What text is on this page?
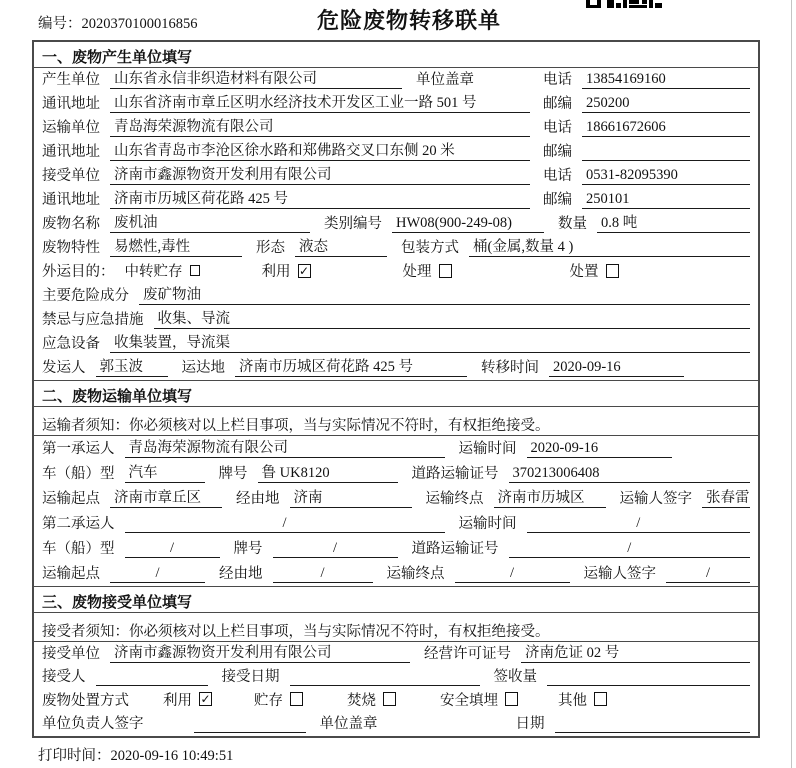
编号：2020370100016856	危险废物转移联单
一、废物产生单位填写
产生单位 山东省永信非织造材料有限公司	单位盖章	电话 13854169160
通讯地址 山东省济南市章丘区明水经济技术开发区工业一路 501 号	邮编 250200
运输单位 青岛海荣源物流有限公司	电话 18661672606
通讯地址 山东省青岛市李沧区徐水路和郑佛路交叉口东侧 20 米	邮编
接受单位 济南市鑫源物资开发利用有限公司	电话 0531-82095390
通讯地址 济南市历城区荷花路 425 号	邮编 250101
废物名称 废机油	类别编号 HW08(900-249-08)	数量 0.8 吨
废物特性 易燃性,毒性	形态 液态	包装方式 桶(金属,数量 4 )
外运目的： 中转贮存	利用 ✓	处理	处置
主要危险成分 废矿物油
禁忌与应急措施 收集、导流
应急设备 收集装置，导流渠
发运人 郭玉波	运达地 济南市历城区荷花路 425 号	转移时间 2020-09-16
二、废物运输单位填写
运输者须知：你必须核对以上栏目事项，当与实际情况不符时，有权拒绝接受。
第一承运人 青岛海荣源物流有限公司	运输时间 2020-09-16
车（船）型 汽车	牌号 鲁 UK8120	道路运输证号 370213006408
运输起点 济南市章丘区	经由地 济南	运输终点 济南市历城区	运输人签字 张春雷
第二承运人	/	运输时间	/
车（船）型	/	牌号	/	道路运输证号	/
运输起点	/	经由地	/	运输终点	/	运输人签字	/
三、废物接受单位填写
接受者须知：你必须核对以上栏目事项，当与实际情况不符时，有权拒绝接受。
接受单位 济南市鑫源物资开发利用有限公司	经营许可证号 济南危证 02 号
接受人	接受日期	签收量
废物处置方式 利用 ✓	贮存	焚烧	安全填埋	其他
单位负责人签字	单位盖章	日期
打印时间：2020-09-16 10:49:51
